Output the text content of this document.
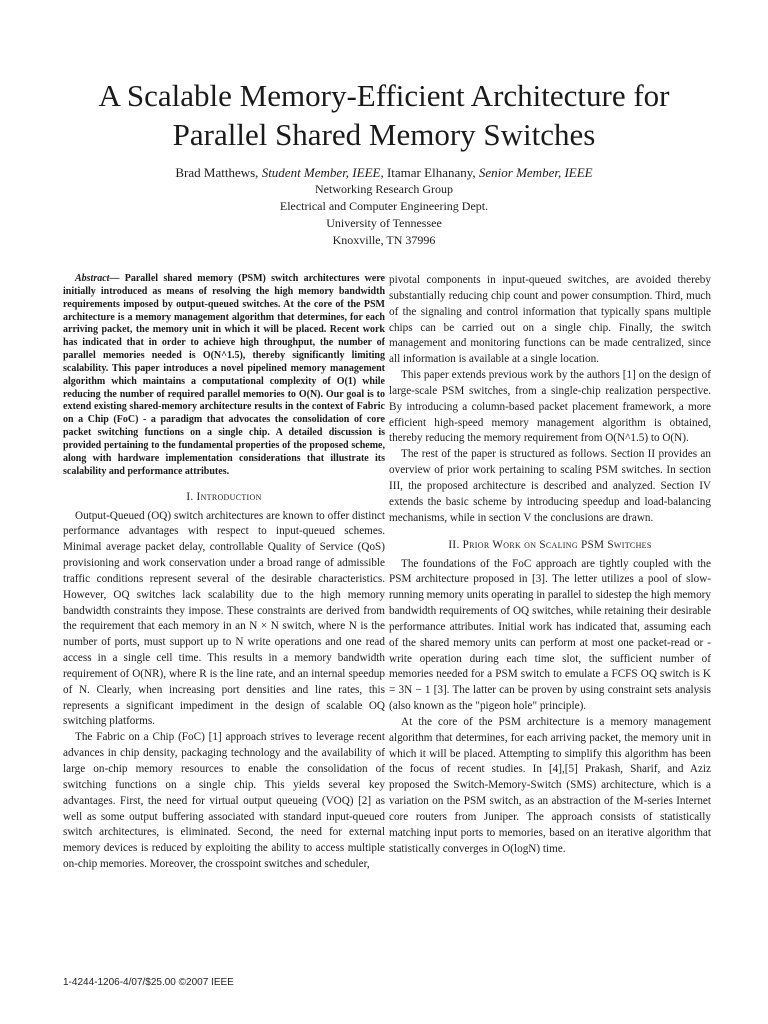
A Scalable Memory-Efficient Architecture for
Parallel Shared Memory Switches
Brad Matthews, Student Member, IEEE, Itamar Elhanany, Senior Member, IEEE
Networking Research Group
Electrical and Computer Engineering Dept.
University of Tennessee
Knoxville, TN 37996

Abstract— Parallel shared memory (PSM) switch architectures were initially introduced as means of resolving the high memory bandwidth requirements imposed by output-queued switches. At the core of the PSM architecture is a memory management algorithm that determines, for each arriving packet, the memory unit in which it will be placed. Recent work has indicated that in order to achieve high throughput, the number of parallel memories needed is O(N^1.5), thereby significantly limiting scalability. This paper introduces a novel pipelined memory management algorithm which maintains a computational complexity of O(1) while reducing the number of required parallel memories to O(N). Our goal is to extend existing shared-memory architecture results in the context of Fabric on a Chip (FoC) - a paradigm that advocates the consolidation of core packet switching functions on a single chip. A detailed discussion is provided pertaining to the fundamental properties of the proposed scheme, along with hardware implementation considerations that illustrate its scalability and performance attributes.

I. Introduction

Output-Queued (OQ) switch architectures are known to offer distinct performance advantages with respect to input-queued schemes. Minimal average packet delay, controllable Quality of Service (QoS) provisioning and work conservation under a broad range of admissible traffic conditions represent several of the desirable characteristics. However, OQ switches lack scalability due to the high memory bandwidth constraints they impose. These constraints are derived from the requirement that each memory in an N × N switch, where N is the number of ports, must support up to N write operations and one read access in a single cell time. This results in a memory bandwidth requirement of O(NR), where R is the line rate, and an internal speedup of N. Clearly, when increasing port densities and line rates, this represents a significant impediment in the design of scalable OQ switching platforms.

The Fabric on a Chip (FoC) [1] approach strives to leverage recent advances in chip density, packaging technology and the availability of large on-chip memory resources to enable the consolidation of switching functions on a single chip. This yields several key advantages. First, the need for virtual output queueing (VOQ) [2] as well as some output buffering associated with standard input-queued switch architectures, is eliminated. Second, the need for external memory devices is reduced by exploiting the ability to access multiple on-chip memories. Moreover, the crosspoint switches and scheduler,

pivotal components in input-queued switches, are avoided thereby substantially reducing chip count and power consumption. Third, much of the signaling and control information that typically spans multiple chips can be carried out on a single chip. Finally, the switch management and monitoring functions can be made centralized, since all information is available at a single location.

This paper extends previous work by the authors [1] on the design of large-scale PSM switches, from a single-chip realization perspective. By introducing a column-based packet placement framework, a more efficient high-speed memory management algorithm is obtained, thereby reducing the memory requirement from O(N^1.5) to O(N).

The rest of the paper is structured as follows. Section II provides an overview of prior work pertaining to scaling PSM switches. In section III, the proposed architecture is described and analyzed. Section IV extends the basic scheme by introducing speedup and load-balancing mechanisms, while in section V the conclusions are drawn.

II. Prior Work on Scaling PSM Switches

The foundations of the FoC approach are tightly coupled with the PSM architecture proposed in [3]. The letter utilizes a pool of slow-running memory units operating in parallel to sidestep the high memory bandwidth requirements of OQ switches, while retaining their desirable performance attributes. Initial work has indicated that, assuming each of the shared memory units can perform at most one packet-read or -write operation during each time slot, the sufficient number of memories needed for a PSM switch to emulate a FCFS OQ switch is K = 3N − 1 [3]. The latter can be proven by using constraint sets analysis (also known as the "pigeon hole" principle).

At the core of the PSM architecture is a memory management algorithm that determines, for each arriving packet, the memory unit in which it will be placed. Attempting to simplify this algorithm has been the focus of recent studies. In [4],[5] Prakash, Sharif, and Aziz proposed the Switch-Memory-Switch (SMS) architecture, which is a variation on the PSM switch, as an abstraction of the M-series Internet core routers from Juniper. The approach consists of statistically matching input ports to memories, based on an iterative algorithm that statistically converges in O(logN) time.

1-4244-1206-4/07/$25.00 ©2007 IEEE
